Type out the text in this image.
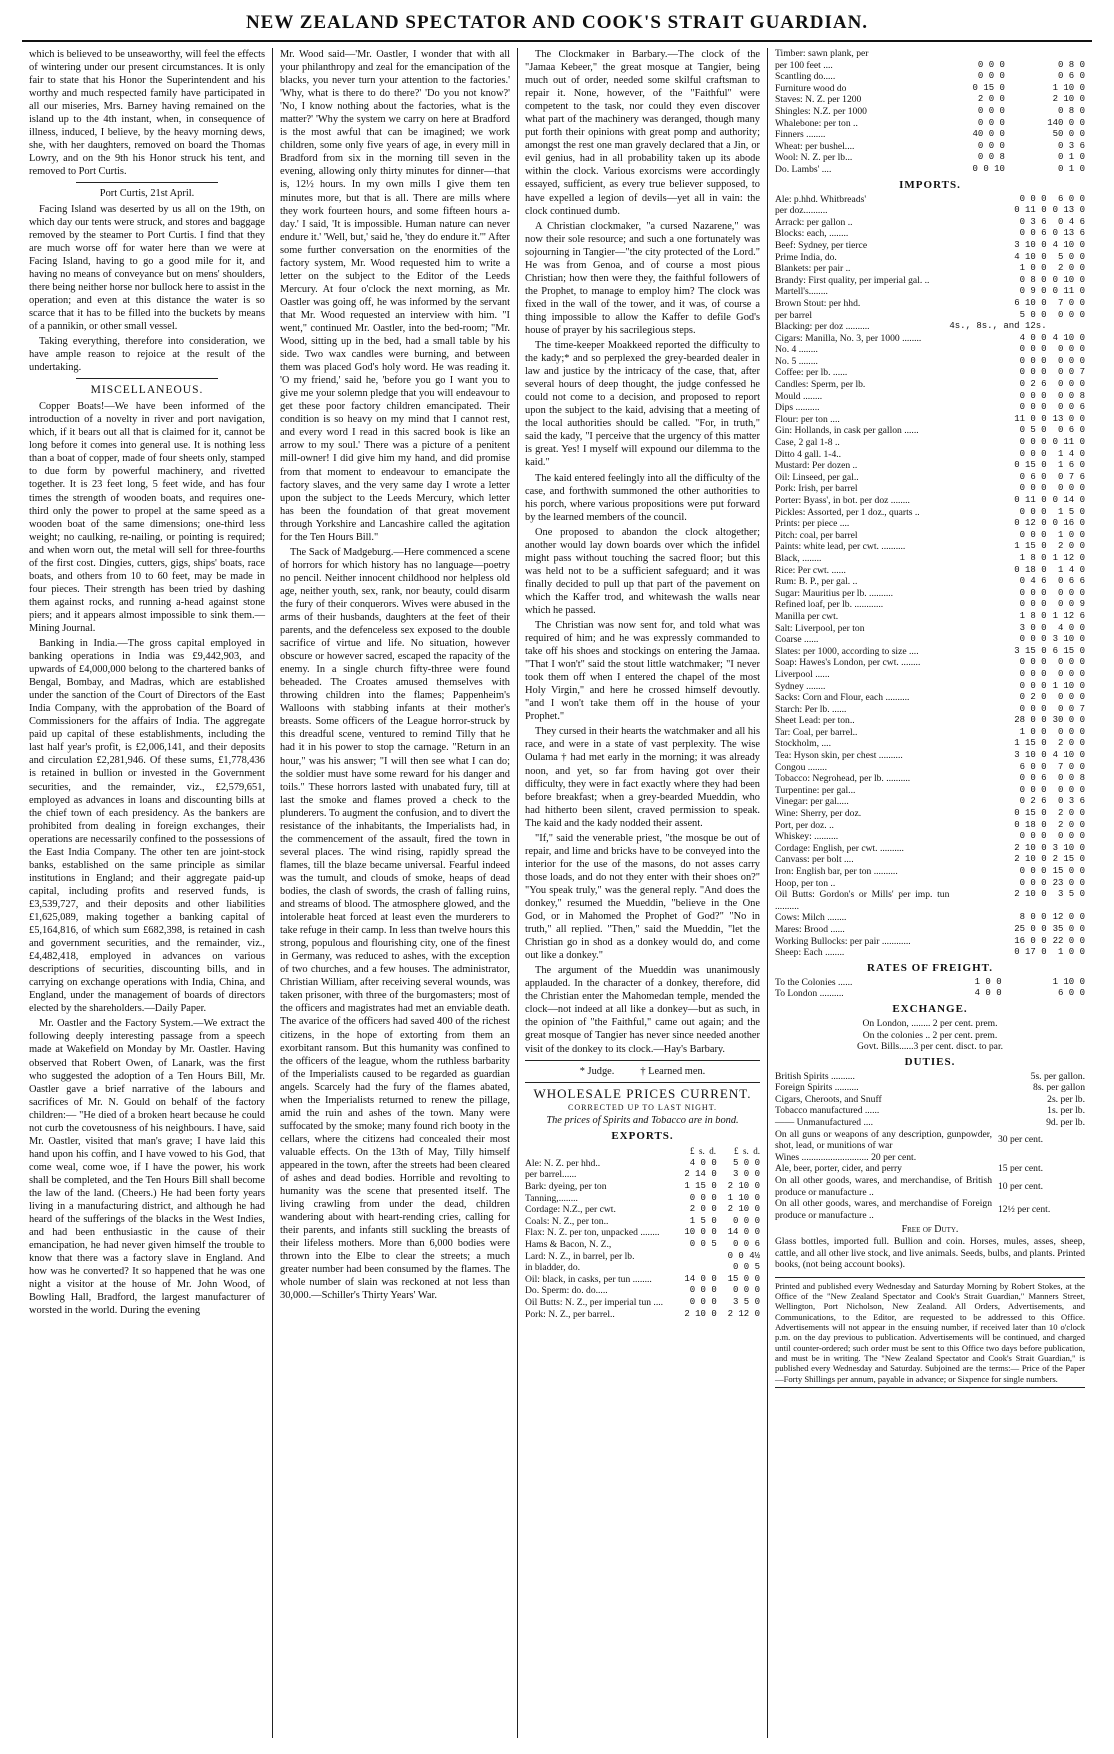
NEW ZEALAND SPECTATOR AND COOK'S STRAIT GUARDIAN.

which is believed to be unseaworthy, will feel the effects of wintering under our present circumstances. It is only fair to state that his Honor the Superintendent and his worthy and much respected family have participated in all our miseries, Mrs. Barney having remained on the island up to the 4th instant, when, in consequence of illness, induced, I believe, by the heavy morning dews, she, with her daughters, removed on board the Thomas Lowry, and on the 9th his Honor struck his tent, and removed to Port Curtis.

Port Curtis, 21st April.

Facing Island was deserted by us all on the 19th, on which day our tents were struck, and stores and baggage removed by the steamer to Port Curtis. I find that they are much worse off for water here than we were at Facing Island, having to go a good mile for it, and having no means of conveyance but on mens' shoulders, there being neither horse nor bullock here to assist in the operation; and even at this distance the water is so scarce that it has to be filled into the buckets by means of a pannikin, or other small vessel.

Taking everything, therefore into consideration, we have ample reason to rejoice at the result of the undertaking.

MISCELLANEOUS.

Copper Boats!—We have been informed of the introduction of a novelty in river and port navigation, which, if it bears out all that is claimed for it, cannot be long before it comes into general use. It is nothing less than a boat of copper, made of four sheets only, stamped to due form by powerful machinery, and rivetted together. It is 23 feet long, 5 feet wide, and has four times the strength of wooden boats, and requires one-third only the power to propel at the same speed as a wooden boat of the same dimensions; one-third less weight; no caulking, re-nailing, or pointing is required; and when worn out, the metal will sell for three-fourths of the first cost. Dingies, cutters, gigs, ships' boats, race boats, and others from 10 to 60 feet, may be made in four pieces. Their strength has been tried by dashing them against rocks, and running a-head against stone piers; and it appears almost impossible to sink them.—Mining Journal.

Banking in India.—The gross capital employed in banking operations in India was £9,442,903, and upwards of £4,000,000 belong to the chartered banks of Bengal, Bombay, and Madras, which are established under the sanction of the Court of Directors of the East India Company, with the approbation of the Board of Commissioners for the affairs of India. The aggregate paid up capital of these establishments, including the last half year's profit, is £2,006,141, and their deposits and circulation £2,281,946. Of these sums, £1,778,436 is retained in bullion or invested in the Government securities, and the remainder, viz., £2,579,651, employed as advances in loans and discounting bills at the chief town of each presidency. As the bankers are prohibited from dealing in foreign exchanges, their operations are necessarily confined to the possessions of the East India Company. The other ten are joint-stock banks, established on the same principle as similar institutions in England; and their aggregate paid-up capital, including profits and reserved funds, is £3,539,727, and their deposits and other liabilities £1,625,089, making together a banking capital of £5,164,816, of which sum £682,398, is retained in cash and government securities, and the remainder, viz., £4,482,418, employed in advances on various descriptions of securities, discounting bills, and in carrying on exchange operations with India, China, and England, under the management of boards of directors elected by the shareholders.—Daily Paper.

Mr. Oastler and the Factory System.—We extract the following deeply interesting passage from a speech made at Wakefield on Monday by Mr. Oastler. Having observed that Robert Owen, of Lanark, was the first who suggested the adoption of a Ten Hours Bill, Mr. Oastler gave a brief narrative of the labours and sacrifices of Mr. N. Gould on behalf of the factory children:— "He died of a broken heart because he could not curb the covetousness of his neighbours. I have, said Mr. Oastler, visited that man's grave; I have laid this hand upon his coffin, and I have vowed to his God, that come weal, come woe, if I have the power, his work shall be completed, and the Ten Hours Bill shall become the law of the land. (Cheers.) He had been forty years living in a manufacturing district, and although he had heard of the sufferings of the blacks in the West Indies, and had been enthusiastic in the cause of their emancipation, he had never given himself the trouble to know that there was a factory slave in England. And how was he converted? It so happened that he was one night a visitor at the house of Mr. John Wood, of Bowling Hall, Bradford, the largest manufacturer of worsted in the world. During the evening

Mr. Wood said—'Mr. Oastler, I wonder that with all your philanthropy and zeal for the emancipation of the blacks, you never turn your attention to the factories.' 'Why, what is there to do there?' 'Do you not know?' 'No, I know nothing about the factories, what is the matter?' 'Why the system we carry on here at Bradford is the most awful that can be imagined; we work children, some only five years of age, in every mill in Bradford from six in the morning till seven in the evening, allowing only thirty minutes for dinner—that is, 12½ hours. In my own mills I give them ten minutes more, but that is all. There are mills where they work fourteen hours, and some fifteen hours a-day.' I said, 'It is impossible. Human nature can never endure it.' 'Well, but,' said he, 'they do endure it.'" After some further conversation on the enormities of the factory system, Mr. Wood requested him to write a letter on the subject to the Editor of the Leeds Mercury. At four o'clock the next morning, as Mr. Oastler was going off, he was informed by the servant that Mr. Wood requested an interview with him. "I went," continued Mr. Oastler, into the bed-room; "Mr. Wood, sitting up in the bed, had a small table by his side. Two wax candles were burning, and between them was placed God's holy word. He was reading it. 'O my friend,' said he, 'before you go I want you to give me your solemn pledge that you will endeavour to get these poor factory children emancipated. Their condition is so heavy on my mind that I cannot rest, and every word I read in this sacred book is like an arrow to my soul.' There was a picture of a penitent mill-owner! I did give him my hand, and did promise from that moment to endeavour to emancipate the factory slaves, and the very same day I wrote a letter upon the subject to the Leeds Mercury, which letter has been the foundation of that great movement through Yorkshire and Lancashire called the agitation for the Ten Hours Bill."

The Sack of Madgeburg.—Here commenced a scene of horrors for which history has no language—poetry no pencil. Neither innocent childhood nor helpless old age, neither youth, sex, rank, nor beauty, could disarm the fury of their conquerors. Wives were abused in the arms of their husbands, daughters at the feet of their parents, and the defenceless sex exposed to the double sacrifice of virtue and life. No situation, however obscure or however sacred, escaped the rapacity of the enemy. In a single church fifty-three were found beheaded. The Croates amused themselves with throwing children into the flames; Pappenheim's Walloons with stabbing infants at their mother's breasts. Some officers of the League horror-struck by this dreadful scene, ventured to remind Tilly that he had it in his power to stop the carnage. "Return in an hour," was his answer; "I will then see what I can do; the soldier must have some reward for his danger and toils." These horrors lasted with unabated fury, till at last the smoke and flames proved a check to the plunderers. To augment the confusion, and to divert the resistance of the inhabitants, the Imperialists had, in the commencement of the assault, fired the town in several places. The wind rising, rapidly spread the flames, till the blaze became universal. Fearful indeed was the tumult, and clouds of smoke, heaps of dead bodies, the clash of swords, the crash of falling ruins, and streams of blood. The atmosphere glowed, and the intolerable heat forced at least even the murderers to take refuge in their camp. In less than twelve hours this strong, populous and flourishing city, one of the finest in Germany, was reduced to ashes, with the exception of two churches, and a few houses. The administrator, Christian William, after receiving several wounds, was taken prisoner, with three of the burgomasters; most of the officers and magistrates had met an enviable death. The avarice of the officers had saved 400 of the richest citizens, in the hope of extorting from them an exorbitant ransom. But this humanity was confined to the officers of the league, whom the ruthless barbarity of the Imperialists caused to be regarded as guardian angels. Scarcely had the fury of the flames abated, when the Imperialists returned to renew the pillage, amid the ruin and ashes of the town. Many were suffocated by the smoke; many found rich booty in the cellars, where the citizens had concealed their most valuable effects. On the 13th of May, Tilly himself appeared in the town, after the streets had been cleared of ashes and dead bodies. Horrible and revolting to humanity was the scene that presented itself. The living crawling from under the dead, children wandering about with heart-rending cries, calling for their parents, and infants still suckling the breasts of their lifeless mothers. More than 6,000 bodies were thrown into the Elbe to clear the streets; a much greater number had been consumed by the flames. The whole number of slain was reckoned at not less than 30,000.—Schiller's Thirty Years' War.

The Clockmaker in Barbary.—The clock of the "Jamaa Kebeer," the great mosque at Tangier, being much out of order, needed some skilful craftsman to repair it. None, however, of the "Faithful" were competent to the task, nor could they even discover what part of the machinery was deranged, though many put forth their opinions with great pomp and authority; amongst the rest one man gravely declared that a Jin, or evil genius, had in all probability taken up its abode within the clock. Various exorcisms were accordingly essayed, sufficient, as every true believer supposed, to have expelled a legion of devils—yet all in vain: the clock continued dumb.

A Christian clockmaker, "a cursed Nazarene," was now their sole resource; and such a one fortunately was sojourning in Tangier—"the city protected of the Lord." He was from Genoa, and of course a most pious Christian; how then were they, the faithful followers of the Prophet, to manage to employ him? The clock was fixed in the wall of the tower, and it was, of course a thing impossible to allow the Kaffer to defile God's house of prayer by his sacrilegious steps.

The time-keeper Moakkeed reported the difficulty to the kady;* and so perplexed the grey-bearded dealer in law and justice by the intricacy of the case, that, after several hours of deep thought, the judge confessed he could not come to a decision, and proposed to report upon the subject to the kaid, advising that a meeting of the local authorities should be called. "For, in truth," said the kady, "I perceive that the urgency of this matter is great. Yes! I myself will expound our dilemma to the kaid."

The kaid entered feelingly into all the difficulty of the case, and forthwith summoned the other authorities to his porch, where various propositions were put forward by the learned members of the council.

One proposed to abandon the clock altogether; another would lay down boards over which the infidel might pass without touching the sacred floor; but this was held not to be a sufficient safeguard; and it was finally decided to pull up that part of the pavement on which the Kaffer trod, and whitewash the walls near which he passed.

The Christian was now sent for, and told what was required of him; and he was expressly commanded to take off his shoes and stockings on entering the Jamaa. "That I won't" said the stout little watchmaker; "I never took them off when I entered the chapel of the most Holy Virgin," and here he crossed himself devoutly. "and I won't take them off in the house of your Prophet."

They cursed in their hearts the watchmaker and all his race, and were in a state of vast perplexity. The wise Oulama † had met early in the morning; it was already noon, and yet, so far from having got over their difficulty, they were in fact exactly where they had been before breakfast; when a grey-bearded Mueddin, who had hitherto been silent, craved permission to speak. The kaid and the kady nodded their assent.

"If," said the venerable priest, "the mosque be out of repair, and lime and bricks have to be conveyed into the interior for the use of the masons, do not asses carry those loads, and do not they enter with their shoes on?" "You speak truly," was the general reply. "And does the donkey," resumed the Mueddin, "believe in the One God, or in Mahomed the Prophet of God?" "No in truth," all replied. "Then," said the Mueddin, "let the Christian go in shod as a donkey would do, and come out like a donkey."

The argument of the Mueddin was unanimously applauded. In the character of a donkey, therefore, did the Christian enter the Mahomedan temple, mended the clock—not indeed at all like a donkey—but as such, in the opinion of "the Faithful," came out again; and the great mosque of Tangier has never since needed another visit of the donkey to its clock.—Hay's Barbary.

* Judge.          † Learned men.

WHOLESALE PRICES CURRENT.
CORRECTED UP TO LAST NIGHT.
The prices of Spirits and Tobacco are in bond.
EXPORTS.
£  s.  d.        £  s.  d.
Ale: N. Z. per hhd..	4 0 0	5 0 0
per barrel......	2 14 0	3 0 0
Bark: dyeing, per ton	1 15 0	2 10 0
Tanning,........	0 0 0	1 10 0
Cordage: N.Z., per cwt.	2 0 0	2 10 0
Coals: N. Z., per ton..	1 5 0	0 0 0
Flax: N. Z. per ton, unpacked ........	10 0 0	14 0 0
Hams & Bacon, N. Z.,	0 0 5	0 0 6
Lard: N. Z., in barrel, per lb.		0 0 4½
in bladder, do.		0 0 5
Oil: black, in casks, per tun ........	14 0 0	15 0 0
Do. Sperm: do. do.....	0 0 0	0 0 0
Oil Butts: N. Z., per imperial tun ....	0 0 0	3 5 0
Pork: N. Z., per barrel..	2 10 0	2 12 0
Timber: sawn plank, per		
per 100 feet ....	0 0 0	0 8 0
Scantling do.....	0 0 0	0 6 0
Furniture wood do	0 15 0	1 10 0
Staves: N. Z. per 1200	2 0 0	2 10 0
Shingles: N.Z. per 1000	0 0 0	0 8 0
Whalebone: per ton ..	0 0 0	140 0 0
Finners ........	40 0 0	50 0 0
Wheat: per bushel....	0 0 0	0 3 6
Wool: N. Z. per lb...	0 0 8	0 1 0
Do. Lambs' ....	0 0 10	0 1 0
IMPORTS.
Ale: p.hhd. Whitbreads'	0 0 0	6 0 0
per doz..........	0 11 0	0 13 0
Arrack: per gallon ..	0 3 6	0 4 6
Blocks: each, ........	0 0 6	0 13 6
Beef: Sydney, per tierce	3 10 0	4 10 0
Prime India, do.	4 10 0	5 0 0
Blankets: per pair ..	1 0 0	2 0 0
Brandy: First quality, per imperial gal. ..	0 8 0	0 10 0
Martell's........	0 9 0	0 11 0
Brown Stout: per hhd.	6 10 0	7 0 0
per barrel	5 0 0	0 0 0
Blacking: per doz ..........	4s., 8s., and 12s.	
Cigars: Manilla, No. 3, per 1000 ........	4 0 0	4 10 0
No. 4 ........	0 0 0	0 0 0
No. 5 ........	0 0 0	0 0 0
Coffee: per lb. ......	0 0 0	0 0 7
Candles: Sperm, per lb.	0 2 6	0 0 0
Mould ........	0 0 0	0 0 8
Dips ..........	0 0 0	0 0 6
Flour: per ton ....	11 0 0	13 0 0
Gin: Hollands, in cask per gallon ......	0 5 0	0 6 0
Case, 2 gal 1-8 ..	0 0 0	0 11 0
Ditto 4 gall. 1-4..	0 0 0	1 4 0
Mustard: Per dozen ..	0 15 0	1 6 0
Oil: Linseed, per gal..	0 6 0	0 7 6
Pork: Irish, per barrel	0 0 0	0 0 0
Porter: Byass', in bot. per doz ........	0 11 0	0 14 0
Pickles: Assorted, per 1 doz., quarts ..	0 0 0	1 5 0
Prints: per piece ....	0 12 0	0 16 0
Pitch: coal, per barrel	0 0 0	1 0 0
Paints: white lead, per cwt. ..........	1 15 0	2 0 0
Black, ........	1 8 0	1 12 0
Rice: Per cwt. ......	0 18 0	1 4 0
Rum: B. P., per gal. ..	0 4 6	0 6 6
Sugar: Mauritius per lb. ..........	0 0 0	0 0 0
Refined loaf, per lb. ............	0 0 0	0 0 9
Manilla per cwt.	1 8 0	1 12 6
Salt: Liverpool, per ton	3 0 0	4 0 0
Coarse ......	0 0 0	3 10 0
Slates: per 1000, according to size ....	3 15 0	6 15 0
Soap: Hawes's London, per cwt. ........	0 0 0	0 0 0
Liverpool ......	0 0 0	0 0 0
Sydney ........	0 0 0	1 10 0
Sacks: Corn and Flour, each ..........	0 2 0	0 0 0
Starch: Per lb. ......	0 0 0	0 0 7
Sheet Lead: per ton..	28 0 0	30 0 0
Tar: Coal, per barrel..	1 0 0	0 0 0
Stockholm, ....	1 15 0	2 0 0
Tea: Hyson skin, per chest ..........	3 10 0	4 10 0
Congou ........	6 0 0	7 0 0
Tobacco: Negrohead, per lb. ..........	0 0 6	0 0 8
Turpentine: per gal...	0 0 0	0 0 0
Vinegar: per gal.....	0 2 6	0 3 6
Wine: Sherry, per doz.	0 15 0	2 0 0
Port, per doz. ..	0 18 0	2 0 0
Whiskey: ..........	0 0 0	0 0 0
Cordage: English, per cwt. ..........	2 10 0	3 10 0
Canvass: per bolt ....	2 10 0	2 15 0
Iron: English bar, per ton ..........	0 0 0	15 0 0
Hoop, per ton ..	0 0 0	23 0 0
Oil Butts: Gordon's or Mills' per imp. tun ..........	2 10 0	3 5 0
Cows: Milch ........	8 0 0	12 0 0
Mares: Brood ......	25 0 0	35 0 0
Working Bullocks: per pair ............	16 0 0	22 0 0
Sheep: Each ........	0 17 0	1 0 0
RATES OF FREIGHT.
To the Colonies ......	1 0 0	1 10 0
To London ..........	4 0 0	6 0 0
EXCHANGE.
On London, ........ 2 per cent. prem.
On the colonies .. 2 per cent. prem.
Govt. Bills......3 per cent. disct. to par.
DUTIES.
British Spirits ..........	5s. per gallon.
Foreign Spirits ..........	8s. per gallon
Cigars, Cheroots, and Snuff	2s. per lb.
Tobacco manufactured ......	1s. per lb.
—— Unmanufactured ....	9d. per lb.
On all guns or weapons of any description, gunpowder, shot, lead, or munitions of war	30 per cent.
Wines ............................ 20 per cent.	
Ale, beer, porter, cider, and perry	15 per cent.
On all other goods, wares, and merchandise, of British produce or manufacture ..	10 per cent.
On all other goods, wares, and merchandise of Foreign produce or manufacture ..	12½ per cent.
Free of Duty.
Glass bottles, imported full. Bullion and coin. Horses, mules, asses, sheep, cattle, and all other live stock, and live animals. Seeds, bulbs, and plants. Printed books, (not being account books).
Printed and published every Wednesday and Saturday Morning by Robert Stokes, at the Office of the "New Zealand Spectator and Cook's Strait Guardian," Manners Street, Wellington, Port Nicholson, New Zealand. All Orders, Advertisements, and Communications, to the Editor, are requested to be addressed to this Office. Advertisements will not appear in the ensuing number, if received later than 10 o'clock p.m. on the day previous to publication. Advertisements will be continued, and charged until counter-ordered; such order must be sent to this Office two days before publication, and must be in writing. The "New Zealand Spectator and Cook's Strait Guardian," is published every Wednesday and Saturday. Subjoined are the terms:— Price of the Paper—Forty Shillings per annum, payable in advance; or Sixpence for single numbers.
